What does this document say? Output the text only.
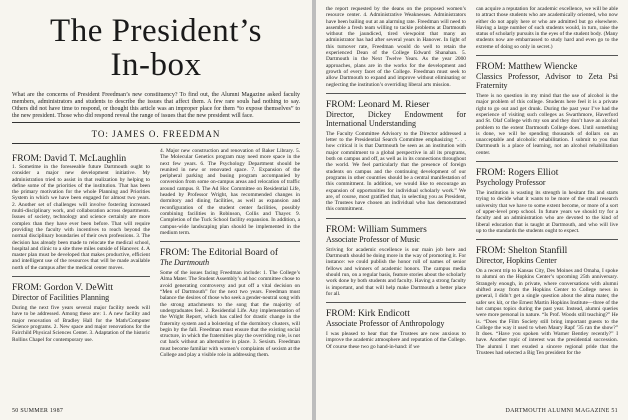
The President’s
In-box
What are the concerns of President Freedman’s new constituency? To find out, the Alumni Magazine asked faculty members, administrators and students to describe the issues that affect them. A few rare souls had nothing to say. Others did not have time to respond, or thought this article was an improper place for them “to expose themselves” to the new president. Those who did respond reveal the range of issues that the new president will face.
TO: JAMES O. FREEDMAN
FROM: David T. McLaughlin

1. Sometime in the foreseeable future Dartmouth ought to consider a major new development initiative. My administration tried to assist in that realization by helping to define some of the priorities of the institution. That has been the primary motivation for the whole Planning and Priorities System in which we have been engaged for almost two years. 2. Another set of challenges will involve fostering increased multi-disciplinary work, and collaboration across departments. Issues of society, technology and science certainly are more complex than they have ever been before. That will require providing the faculty with incentives to reach beyond the normal disciplinary boundaries of their own professions. 3. The decision has already been made to relocate the medical school, hospital and clinic to a site three miles outside of Hanover. 4. A master plan must be developed that makes productive, efficient and intelligent use of the resources that will be made available north of the campus after the medical center moves.

FROM: Gordon V. DeWitt
Director of Facilities Planning

During the next five years several major facility needs will have to be addressed. Among these are: 1. A new facility and major renovation of Bradley Hall for the Math/Computer Science programs. 2. New space and major renovations for the Fairchild Physical Sciences Center. 3. Adaptation of the historic Rollins Chapel for contemporary use.

4. Major new construction and renovation of Baker Library. 5. The Molecular Genetics program may need more space in the next few years. 6. The Psychology Department should be reunited in new or renovated space. 7. Expansion of the peripheral parking and busing program accompanied by conversion from some on-campus areas and relocation of traffic around campus. 8. The Ad Hoc Committee on Residential Life, headed by Professor Wright, has recommended changes in dormitory and dining facilities, as well as expansion and reconfiguration of the student center facilities, possibly combining facilities in Robinson, Collis and Thayer. 9. Completion of the Tuck School facility expansion. In addition, a campus-wide landscaping plan should be implemented in the medium term.

FROM: The Editorial Board of
The Dartmouth

Some of the issues facing Freedman include: 1. The College’s Alma Mater. The Student Assembly’s ad hoc committee chose to avoid generating controversy and put off a vital decision on “Men of Dartmouth” for the next two years. Freedman must balance the desires of those who seek a gender-neutral song with the strong attachments to the song that the majority of undergraduates feel. 2. Residential Life. Any implementation of the Wright Report, which has called for drastic change in the fraternity system and a bolstering of the dormitory clusters, will begin by the fall. Freedman must ensure that the existing social structure, in which the fraternities play the overriding role, is not cut back without an alternative in place. 3. Sexism. Freedman must become familiar with women’s complaints of sexism at the College and play a visible role in addressing them.

50 SUMMER 1987

the report requested by the deans on the proposed women’s resource center. 4. Administrative Weaknesses. Administrators have been bailing out at an alarming rate. Freedman will need to assemble a fresh team willing to tackle problems at Dartmouth without the jaundiced, tired viewpoint that many an administrator has had after several years in Hanover. In light of this turnover rate, Freedman would do well to retain the experienced Dean of the College Edward Shanahan. 5. Dartmouth in the Next Twelve Years. As the year 2000 approaches, plans are in the works for the development and growth of every facet of the College. Freedman must seek to allow Dartmouth to expand and improve without eliminating or neglecting the institution’s overriding liberal arts mission.

FROM: Leonard M. Rieser
Director, Dickey Endowment for International Understanding

The Faculty Committee Advisory to the Director addressed a letter to the Presidential Search Committee emphasizing “. . . how critical it is that Dartmouth be seen as an institution with major commitment to a global perspective in all its programs, both on campus and off, as well as in its connections throughout the world. We feel particularly that the presence of foreign students on campus and the continuing development of our programs in other countries should be a central manifestation of this commitment. In addition, we would like to encourage an expansion of opportunities for individual scholarly work.” We are, of course, most gratified that, in selecting you as President, the Trustees have chosen an individual who has demonstrated this commitment.

FROM: William Summers
Associate Professor of Music

Striving for academic excellence is our main job here and Dartmouth should be doing more in the way of promoting it. For instance: we could publish the honor roll of names of senior fellows and winners of academic honors. The campus media should run, on a regular basis, feature stories about the scholarly work done by both students and faculty. Having a strong faculty is important, and that will help make Dartmouth a better place for all.

FROM: Kirk Endicott
Associate Professor of Anthropology

I was pleased to hear that the Trustees are now anxious to improve the academic atmosphere and reputation of the College. Of course these two go hand-in-hand: if we

can acquire a reputation for academic excellence, we will be able to attract those students who are academically oriented, who now either do not apply here or who are admitted but go elsewhere. Having a large number of such students would, in turn, raise the status of scholarly pursuits in the eyes of the student body. (Many students now are embarrassed to study hard and even go to the extreme of doing so only in secret.)

FROM: Matthew Wiencke
Classics Professor, Advisor to Zeta Psi Fraternity

There is no question in my mind that the use of alcohol is the major problem of this college. Students here feel it is a private right to go out and get drunk. During the past year I’ve had the experience of visiting such colleges as Swarthmore, Haverford and St. Olaf College with my son and they don’t have an alcohol problem to the extent Dartmouth College does. Until something is done, we will be spending thousands of dollars on an unacceptable and alcoholic rehabilitation. I submit to you that Dartmouth is a place of learning, not an alcohol rehabilitation center.

FROM: Rogers Elliot
Psychology Professor

The institution is wasting its strength in hesitant fits and starts trying to decide what it wants to be more of the small research university that we have to some extent become, or more of a sort of upper-level prep school. In future years we should try for a faculty and an administration who are devoted to the kind of liberal education that is taught at Dartmouth, and who will live up to the standards the students ought to expect.

FROM: Shelton Stanfill
Director, Hopkins Center

On a recent trip to Kansas City, Des Moines and Omaha, I spoke to alumni on the Hopkins Center’s upcoming 25th anniversary. Strangely enough, in private, where conversations with alumni shifted away from the Hopkins Center to College news in general, I didn’t get a single question about the alma mater, the safer sex kit, or the Ernest Martin Hopkins Institute—three of the hot campus topics during the past year. Instead, alumni queries were more personal in nature. “Is Prof. Woods still teaching?” He is. “Does the Film Society still bring important guests to the College the way it used to when Maury Rapf ’35 ran the show?” It does. “Have you spoken with Warner Bentley recently?” I have. Another topic of interest was the presidential succession. The alumni I met exuded a sincere regional pride that the Trustees had selected a Big Ten president for the

DARTMOUTH ALUMNI MAGAZINE 51
